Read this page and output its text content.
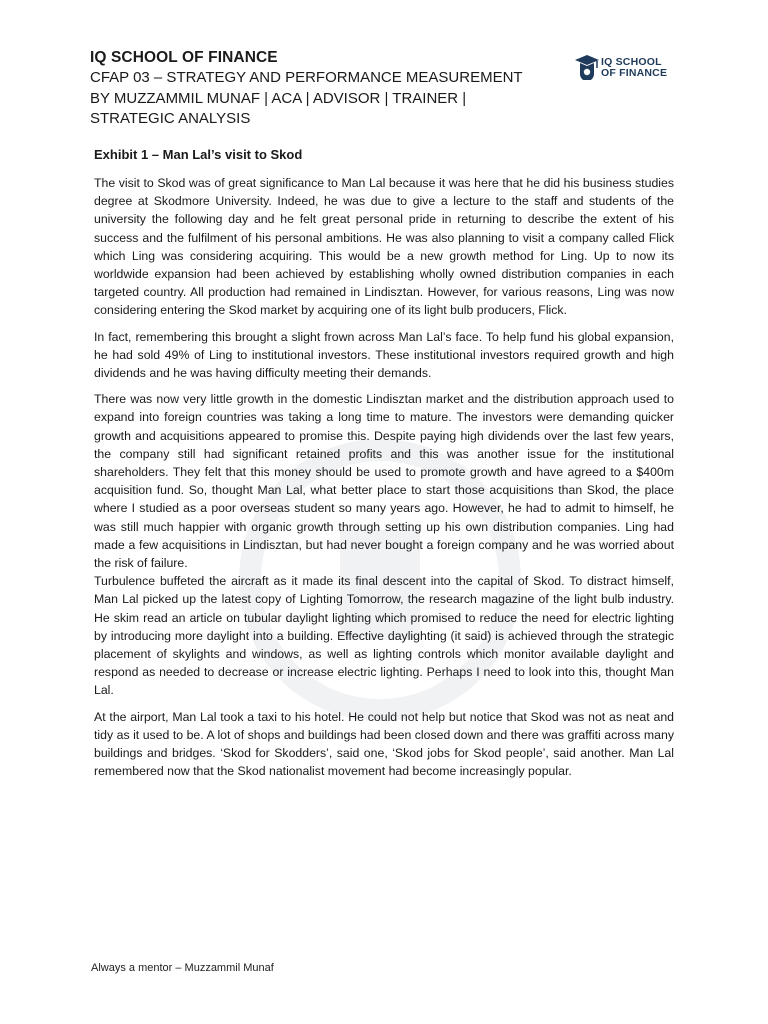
IQ SCHOOL OF FINANCE
CFAP 03 – STRATEGY AND PERFORMANCE MEASUREMENT
BY MUZZAMMIL MUNAF | ACA | ADVISOR | TRAINER |
STRATEGIC ANALYSIS
IQ SCHOOL
OF FINANCE
Exhibit 1 – Man Lal’s visit to Skod

The visit to Skod was of great significance to Man Lal because it was here that he did his business studies degree at Skodmore University. Indeed, he was due to give a lecture to the staff and students of the university the following day and he felt great personal pride in returning to describe the extent of his success and the fulfilment of his personal ambitions. He was also planning to visit a company called Flick which Ling was considering acquiring. This would be a new growth method for Ling. Up to now its worldwide expansion had been achieved by establishing wholly owned distribution companies in each targeted country. All production had remained in Lindisztan. However, for various reasons, Ling was now considering entering the Skod market by acquiring one of its light bulb producers, Flick.

In fact, remembering this brought a slight frown across Man Lal’s face. To help fund his global expansion, he had sold 49% of Ling to institutional investors. These institutional investors required growth and high dividends and he was having difficulty meeting their demands.

There was now very little growth in the domestic Lindisztan market and the distribution approach used to expand into foreign countries was taking a long time to mature. The investors were demanding quicker growth and acquisitions appeared to promise this. Despite paying high dividends over the last few years, the company still had significant retained profits and this was another issue for the institutional shareholders. They felt that this money should be used to promote growth and have agreed to a $400m acquisition fund. So, thought Man Lal, what better place to start those acquisitions than Skod, the place where I studied as a poor overseas student so many years ago. However, he had to admit to himself, he was still much happier with organic growth through setting up his own distribution companies. Ling had made a few acquisitions in Lindisztan, but had never bought a foreign company and he was worried about the risk of failure.

Turbulence buffeted the aircraft as it made its final descent into the capital of Skod. To distract himself, Man Lal picked up the latest copy of Lighting Tomorrow, the research magazine of the light bulb industry. He skim read an article on tubular daylight lighting which promised to reduce the need for electric lighting by introducing more daylight into a building. Effective daylighting (it said) is achieved through the strategic placement of skylights and windows, as well as lighting controls which monitor available daylight and respond as needed to decrease or increase electric lighting. Perhaps I need to look into this, thought Man Lal.

At the airport, Man Lal took a taxi to his hotel. He could not help but notice that Skod was not as neat and tidy as it used to be. A lot of shops and buildings had been closed down and there was graffiti across many buildings and bridges. ‘Skod for Skodders’, said one, ‘Skod jobs for Skod people’, said another. Man Lal remembered now that the Skod nationalist movement had become increasingly popular.

Always a mentor – Muzzammil Munaf
